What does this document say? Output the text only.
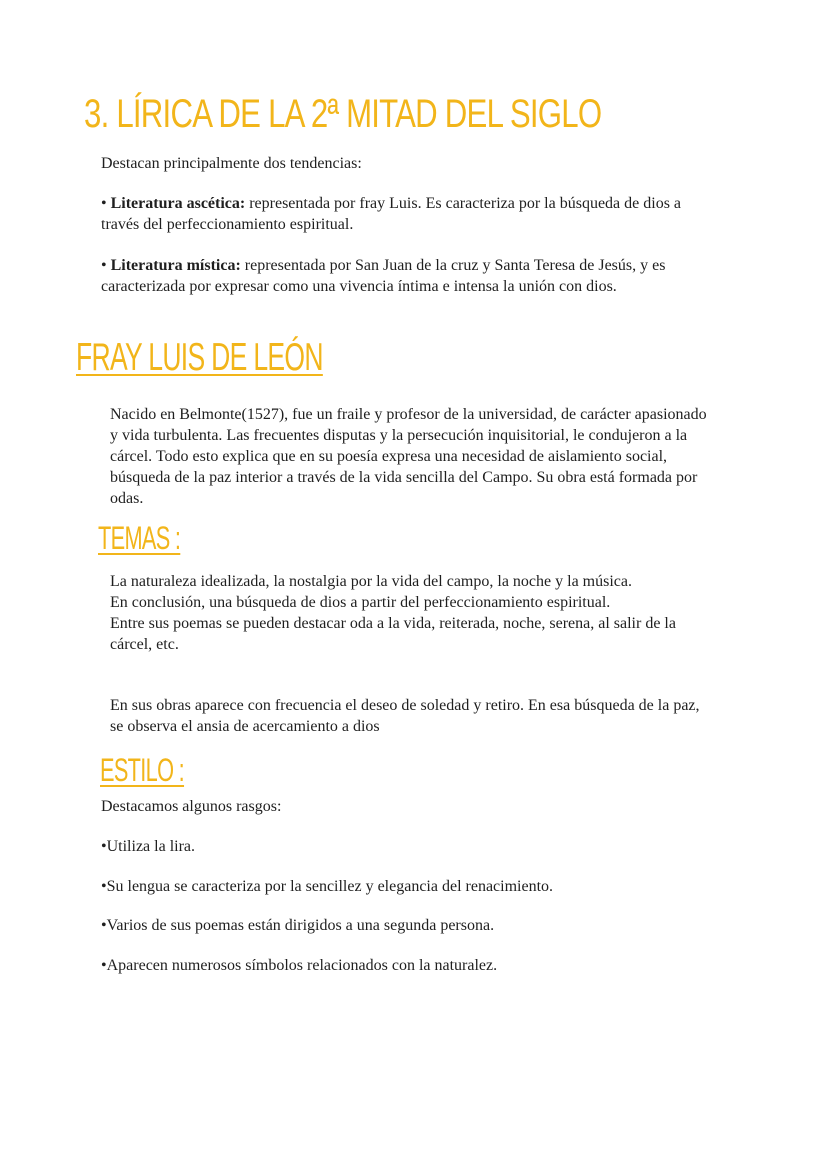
3. LÍRICA DE LA 2ª MITAD DEL SIGLO

Destacan principalmente dos tendencias:

• Literatura ascética: representada por fray Luis. Es caracteriza por la búsqueda de dios a través del perfeccionamiento espiritual.

• Literatura mística: representada por San Juan de la cruz y Santa Teresa de Jesús, y es caracterizada por expresar como una vivencia íntima e intensa la unión con dios.

FRAY LUIS DE LEÓN

Nacido en Belmonte(1527), fue un fraile y profesor de la universidad, de carácter apasionado y vida turbulenta. Las frecuentes disputas y la persecución inquisitorial, le condujeron a la cárcel. Todo esto explica que en su poesía expresa una necesidad de aislamiento social, búsqueda de la paz interior a través de la vida sencilla del Campo. Su obra está formada por odas.

TEMAS :
La naturaleza idealizada, la nostalgia por la vida del campo, la noche y la música.
En conclusión, una búsqueda de dios a partir del perfeccionamiento espiritual.
Entre sus poemas se pueden destacar oda a la vida, reiterada, noche, serena, al salir de la cárcel, etc.

En sus obras aparece con frecuencia el deseo de soledad y retiro. En esa búsqueda de la paz, se observa el ansia de acercamiento a dios

ESTILO :

Destacamos algunos rasgos:

•Utiliza la lira.

•Su lengua se caracteriza por la sencillez y elegancia del renacimiento.

•Varios de sus poemas están dirigidos a una segunda persona.

•Aparecen numerosos símbolos relacionados con la naturalez.
